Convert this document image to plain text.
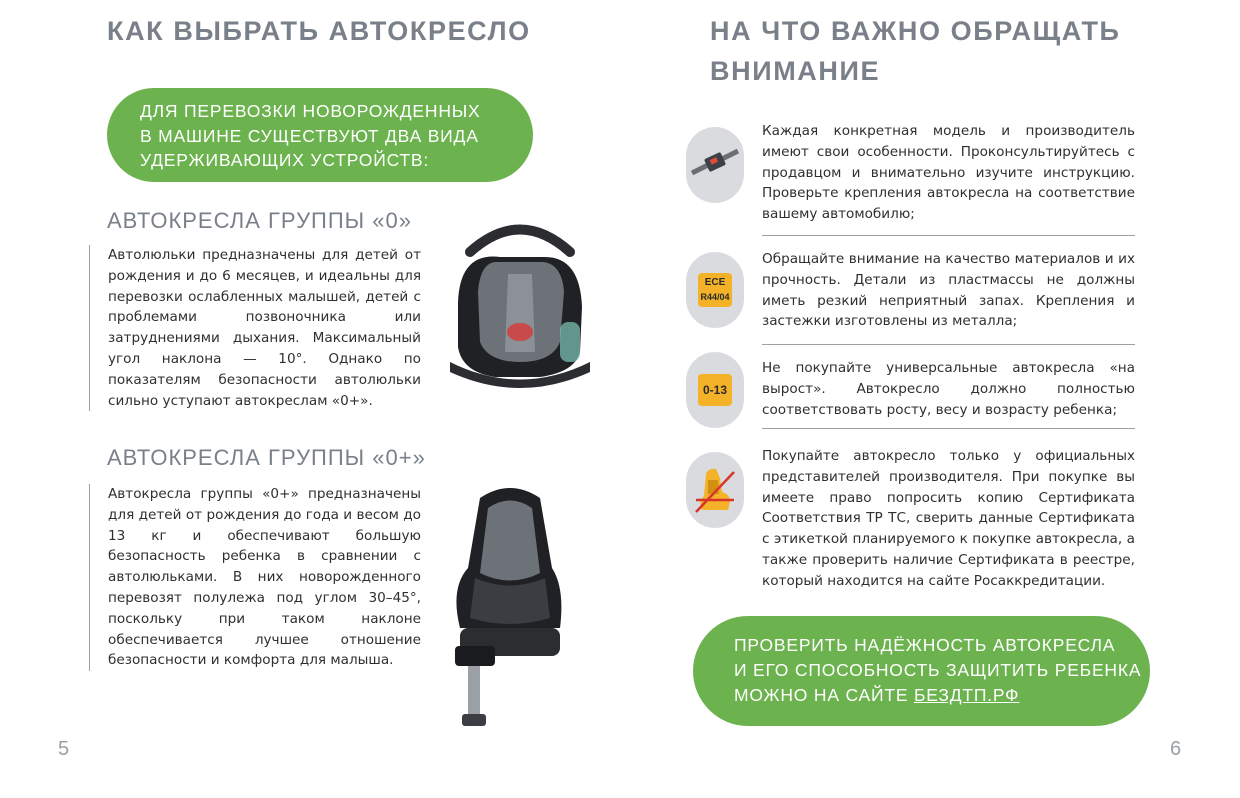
КАК ВЫБРАТЬ АВТОКРЕСЛО
ДЛЯ ПЕРЕВОЗКИ НОВОРОЖДЕННЫХ
В МАШИНЕ СУЩЕСТВУЮТ ДВА ВИДА
УДЕРЖИВАЮЩИХ УСТРОЙСТВ:
АВТОКРЕСЛА ГРУППЫ «0»
Автолюльки предназначены для детей от рождения и до 6 месяцев, и идеальны для перевозки ослабленных малышей, детей с проблемами позвоночника или затруднениями дыхания. Максимальный угол наклона — 10°. Однако по показателям безопасности автолюльки сильно уступают автокреслам «0+».
АВТОКРЕСЛА ГРУППЫ «0+»
Автокресла группы «0+» предназначены для детей от рождения до года и весом до 13 кг и обеспечивают большую безопасность ребенка в сравнении с автолюльками. В них новорожденного перевозят полулежа под углом 30–45°, поскольку при таком наклоне обеспечивается лучшее отношение безопасности и комфорта для малыша.
5
НА ЧТО ВАЖНО ОБРАЩАТЬ
ВНИМАНИЕ
Каждая конкретная модель и производитель имеют свои особенности. Проконсультируйтесь с продавцом и внимательно изучите инструкцию. Проверьте крепления автокресла на соответствие вашему автомобилю;
ECE
R44/04
Обращайте внимание на качество материалов и их прочность. Детали из пластмассы не должны иметь резкий неприятный запах. Крепления и застежки изготовлены из металла;
0-13
Не покупайте универсальные автокресла «на вырост». Автокресло должно полностью соответствовать росту, весу и возрасту ребенка;
Покупайте автокресло только у официальных представителей производителя. При покупке вы имеете право попросить копию Сертификата Соответствия ТР ТС, сверить данные Сертификата с этикеткой планируемого к покупке автокресла, а также проверить наличие Сертификата в реестре, который находится на сайте Росаккредитации.
ПРОВЕРИТЬ НАДЁЖНОСТЬ АВТОКРЕСЛА
И ЕГО СПОСОБНОСТЬ ЗАЩИТИТЬ РЕБЕНКА
МОЖНО НА САЙТЕ БЕЗДТП.РФ
6
